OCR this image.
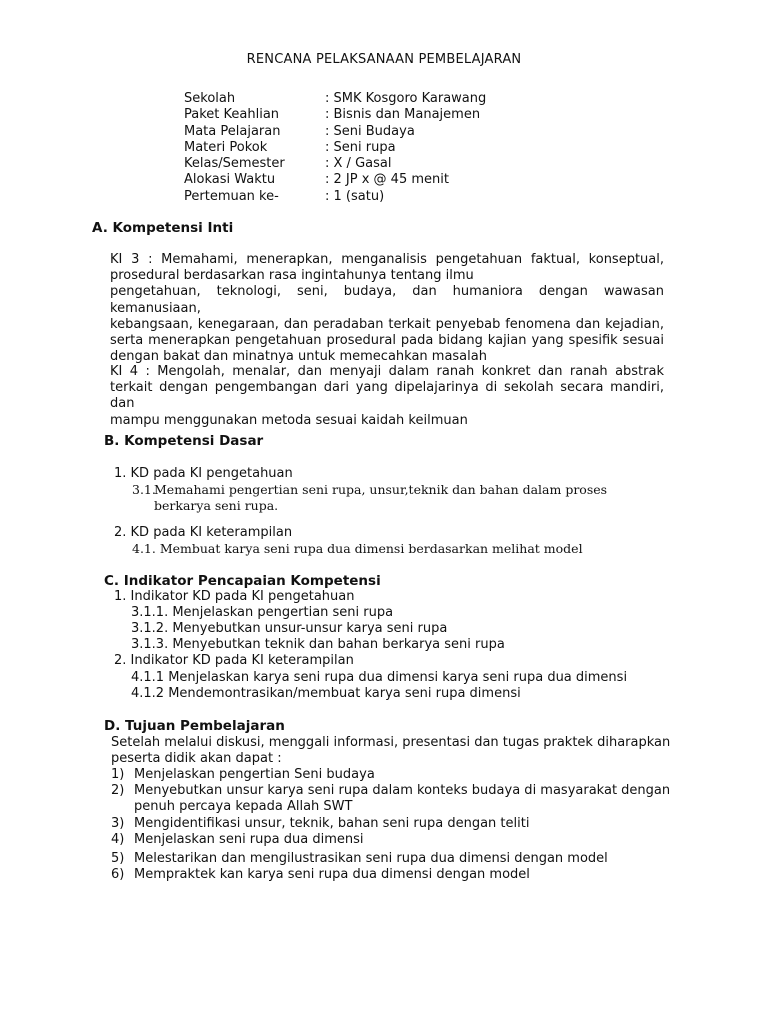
RENCANA PELAKSANAAN PEMBELAJARAN
Sekolah	: SMK Kosgoro Karawang
Paket Keahlian	: Bisnis dan Manajemen
Mata Pelajaran	: Seni Budaya
Materi Pokok	: Seni rupa
Kelas/Semester	: X / Gasal
Alokasi Waktu	: 2 JP x @ 45 menit
Pertemuan ke-	: 1 (satu)
A. Kompetensi Inti
KI 3 : Memahami, menerapkan, menganalisis pengetahuan faktual, konseptual,
prosedural berdasarkan rasa ingintahunya tentang ilmu
pengetahuan, teknologi, seni, budaya, dan humaniora dengan wawasan kemanusiaan,
kebangsaan, kenegaraan, dan peradaban terkait penyebab fenomena dan kejadian,
serta menerapkan pengetahuan prosedural pada bidang kajian yang spesifik sesuai
dengan bakat dan minatnya untuk memecahkan masalah
KI 4 : Mengolah, menalar, dan menyaji dalam ranah konkret dan ranah abstrak
terkait dengan pengembangan dari yang dipelajarinya di sekolah secara mandiri, dan
mampu menggunakan metoda sesuai kaidah keilmuan
B. Kompetensi Dasar
1. KD pada KI pengetahuan
3.1.
Memahami pengertian seni rupa, unsur,teknik dan bahan dalam proses
berkarya seni rupa.
2. KD pada KI keterampilan
4.1. Membuat karya seni rupa dua dimensi berdasarkan melihat model
C. Indikator Pencapaian Kompetensi
1. Indikator KD pada KI pengetahuan
3.1.1. Menjelaskan pengertian seni rupa
3.1.2. Menyebutkan unsur-unsur karya seni rupa
3.1.3. Menyebutkan teknik dan bahan berkarya seni rupa
2. Indikator KD pada KI keterampilan
4.1.1 Menjelaskan karya seni rupa dua dimensi karya seni rupa dua dimensi
4.1.2 Mendemontrasikan/membuat karya seni rupa dimensi
D. Tujuan Pembelajaran
Setelah melalui diskusi, menggali informasi, presentasi dan tugas praktek diharapkan
peserta didik akan dapat :
1) Menjelaskan pengertian Seni budaya
2) Menyebutkan unsur karya seni rupa dalam konteks budaya di masyarakat dengan
penuh percaya kepada Allah SWT
3) Mengidentifikasi unsur, teknik, bahan seni rupa dengan teliti
4) Menjelaskan seni rupa dua dimensi
5) Melestarikan dan mengilustrasikan seni rupa dua dimensi dengan model
6) Mempraktek kan karya seni rupa dua dimensi dengan model
